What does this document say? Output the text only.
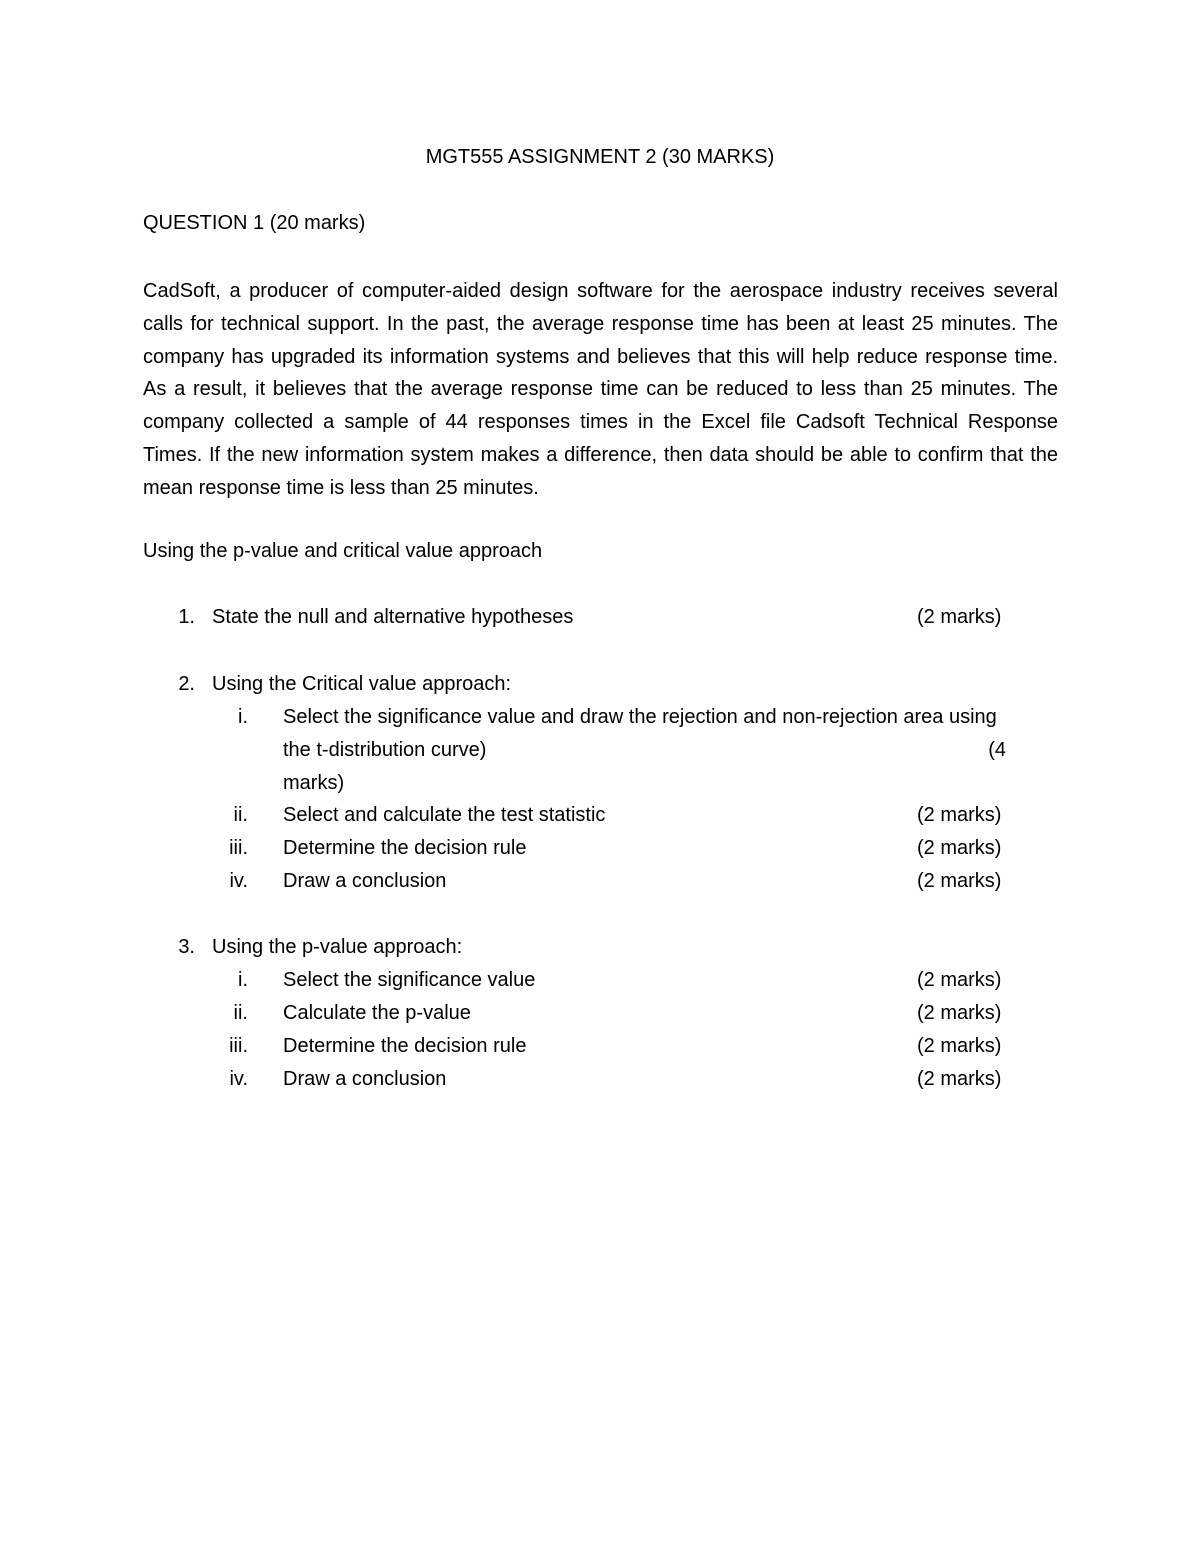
MGT555 ASSIGNMENT 2 (30 MARKS)
QUESTION 1 (20 marks)

CadSoft, a producer of computer-aided design software for the aerospace industry receives several calls for technical support. In the past, the average response time has been at least 25 minutes. The company has upgraded its information systems and believes that this will help reduce response time. As a result, it believes that the average response time can be reduced to less than 25 minutes. The company collected a sample of 44 responses times in the Excel file Cadsoft Technical Response Times. If the new information system makes a difference, then data should be able to confirm that the mean response time is less than 25 minutes.

Using the p-value and critical value approach
1. State the null and alternative hypotheses	(2 marks)
2. Using the Critical value approach:
i. Select the significance value and draw the rejection and non-rejection area using
the t-distribution curve)	(4
marks)
ii. Select and calculate the test statistic	(2 marks)
iii. Determine the decision rule	(2 marks)
iv. Draw a conclusion	(2 marks)
3. Using the p-value approach:
i. Select the significance value	(2 marks)
ii. Calculate the p-value	(2 marks)
iii. Determine the decision rule	(2 marks)
iv. Draw a conclusion	(2 marks)
